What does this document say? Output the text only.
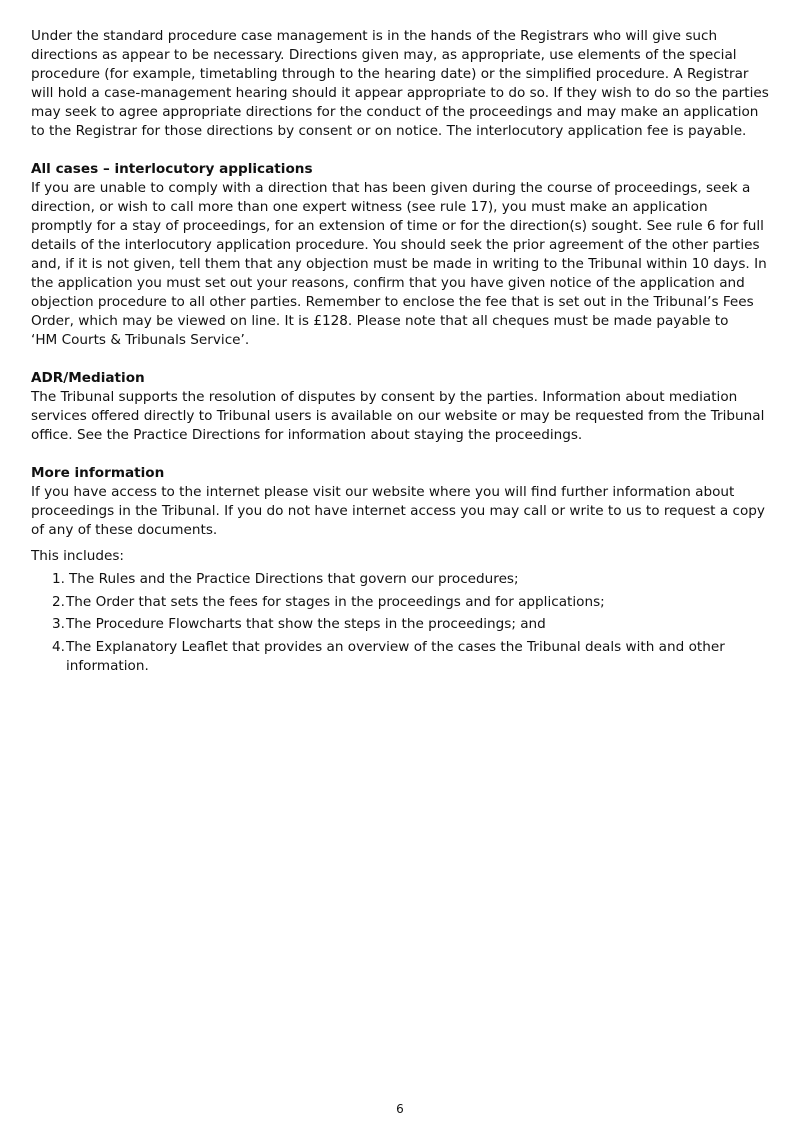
Under the standard procedure case management is in the hands of the Registrars who will give such directions as appear to be necessary. Directions given may, as appropriate, use elements of the special procedure (for example, timetabling through to the hearing date) or the simplified procedure. A Registrar will hold a case-management hearing should it appear appropriate to do so. If they wish to do so the parties may seek to agree appropriate directions for the conduct of the proceedings and may make an application to the Registrar for those directions by consent or on notice. The interlocutory application fee is payable.

All cases – interlocutory applications

If you are unable to comply with a direction that has been given during the course of proceedings, seek a direction, or wish to call more than one expert witness (see rule 17), you must make an application promptly for a stay of proceedings, for an extension of time or for the direction(s) sought. See rule 6 for full details of the interlocutory application procedure. You should seek the prior agreement of the other parties and, if it is not given, tell them that any objection must be made in writing to the Tribunal within 10 days. In the application you must set out your reasons, confirm that you have given notice of the application and objection procedure to all other parties. Remember to enclose the fee that is set out in the Tribunal’s Fees Order, which may be viewed on line. It is £128. Please note that all cheques must be made payable to

‘HM Courts & Tribunals Service’.

ADR/Mediation

The Tribunal supports the resolution of disputes by consent by the parties. Information about mediation services offered directly to Tribunal users is available on our website or may be requested from the Tribunal office. See the Practice Directions for information about staying the proceedings.

More information

If you have access to the internet please visit our website where you will find further information about proceedings in the Tribunal. If you do not have internet access you may call or write to us to request a copy of any of these documents.

This includes:

1. The Rules and the Practice Directions that govern our procedures;
2. The Order that sets the fees for stages in the proceedings and for applications;
3. The Procedure Flowcharts that show the steps in the proceedings; and
4. The Explanatory Leaflet that provides an overview of the cases the Tribunal deals with and other information.
6
